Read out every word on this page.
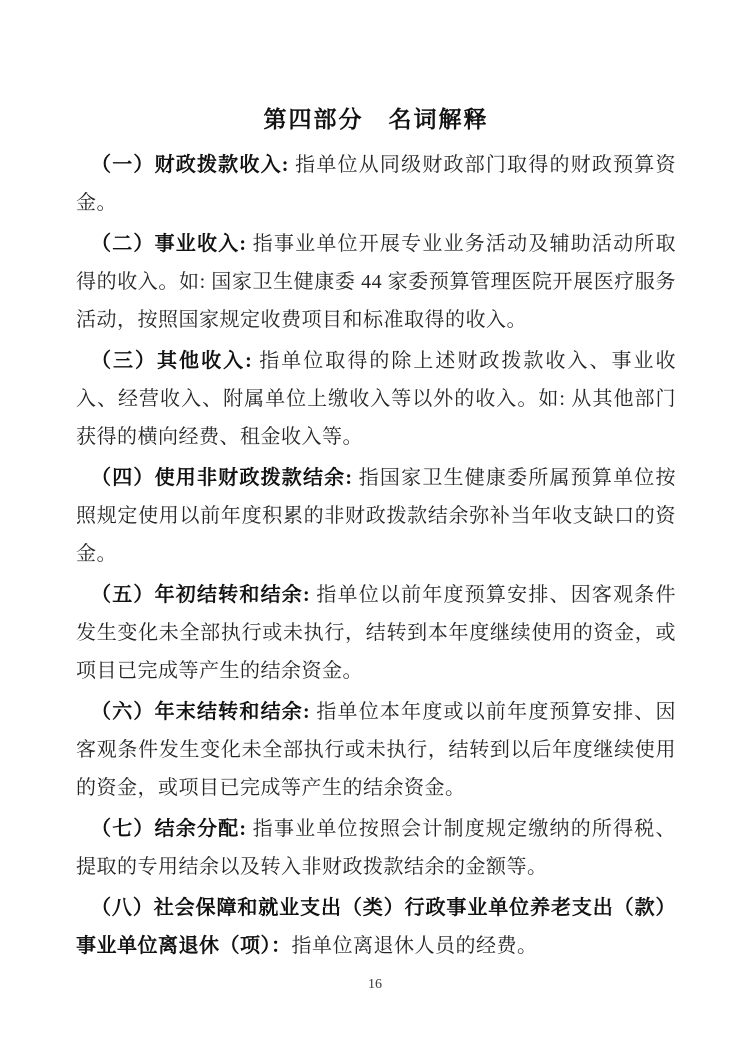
第四部分　名词解释

（一）财政拨款收入: 指单位从同级财政部门取得的财政预算资金。

（二）事业收入: 指事业单位开展专业业务活动及辅助活动所取得的收入。如: 国家卫生健康委 44 家委预算管理医院开展医疗服务活动，按照国家规定收费项目和标准取得的收入。

（三）其他收入: 指单位取得的除上述财政拨款收入、事业收入、经营收入、附属单位上缴收入等以外的收入。如: 从其他部门获得的横向经费、租金收入等。

（四）使用非财政拨款结余: 指国家卫生健康委所属预算单位按照规定使用以前年度积累的非财政拨款结余弥补当年收支缺口的资金。

（五）年初结转和结余: 指单位以前年度预算安排、因客观条件发生变化未全部执行或未执行，结转到本年度继续使用的资金，或项目已完成等产生的结余资金。

（六）年末结转和结余: 指单位本年度或以前年度预算安排、因客观条件发生变化未全部执行或未执行，结转到以后年度继续使用的资金，或项目已完成等产生的结余资金。

（七）结余分配: 指事业单位按照会计制度规定缴纳的所得税、提取的专用结余以及转入非财政拨款结余的金额等。

（八）社会保障和就业支出（类）行政事业单位养老支出（款）事业单位离退休（项）：指单位离退休人员的经费。

16
